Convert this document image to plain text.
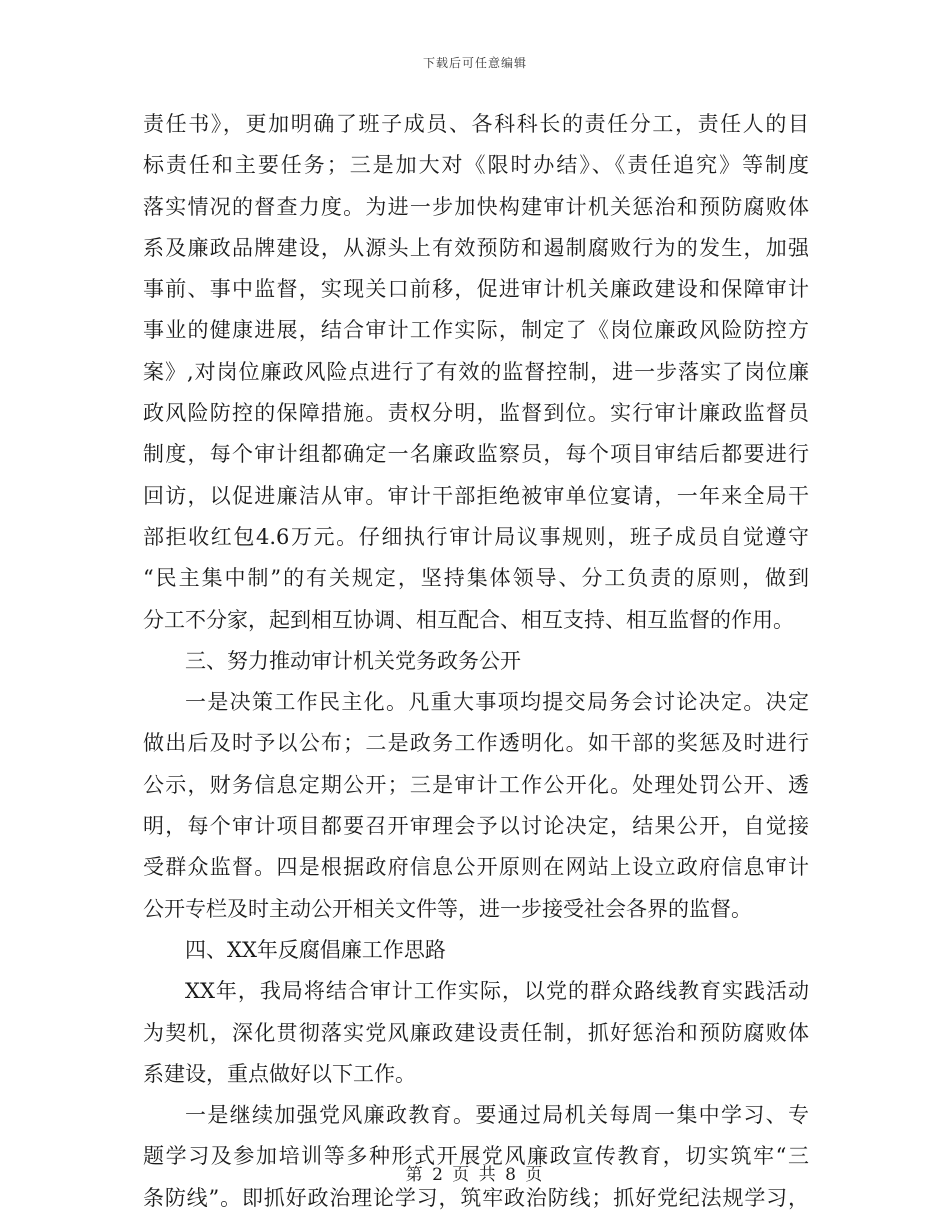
下载后可任意编辑
责任书》，更加明确了班子成员、各科科长的责任分工，责任人的目
标责任和主要任务；三是加大对《限时办结》、《责任追究》等制度
落实情况的督查力度。为进一步加快构建审计机关惩治和预防腐败体
系及廉政品牌建设，从源头上有效预防和遏制腐败行为的发生，加强
事前、事中监督，实现关口前移，促进审计机关廉政建设和保障审计
事业的健康进展，结合审计工作实际，制定了《岗位廉政风险防控方
案》,对岗位廉政风险点进行了有效的监督控制，进一步落实了岗位廉
政风险防控的保障措施。责权分明，监督到位。实行审计廉政监督员
制度，每个审计组都确定一名廉政监察员，每个项目审结后都要进行
回访，以促进廉洁从审。审计干部拒绝被审单位宴请，一年来全局干
部拒收红包4.6万元。仔细执行审计局议事规则，班子成员自觉遵守
“民主集中制”的有关规定，坚持集体领导、分工负责的原则，做到
分工不分家，起到相互协调、相互配合、相互支持、相互监督的作用。
三、努力推动审计机关党务政务公开
一是决策工作民主化。凡重大事项均提交局务会讨论决定。决定
做出后及时予以公布；二是政务工作透明化。如干部的奖惩及时进行
公示，财务信息定期公开；三是审计工作公开化。处理处罚公开、透
明，每个审计项目都要召开审理会予以讨论决定，结果公开，自觉接
受群众监督。四是根据政府信息公开原则在网站上设立政府信息审计
公开专栏及时主动公开相关文件等，进一步接受社会各界的监督。
四、XX年反腐倡廉工作思路
XX年，我局将结合审计工作实际，以党的群众路线教育实践活动
为契机，深化贯彻落实党风廉政建设责任制，抓好惩治和预防腐败体
系建设，重点做好以下工作。
一是继续加强党风廉政教育。要通过局机关每周一集中学习、专
题学习及参加培训等多种形式开展党风廉政宣传教育，切实筑牢“三
条防线”。即抓好政治理论学习，筑牢政治防线；抓好党纪法规学习，
第 2 页 共 8 页
